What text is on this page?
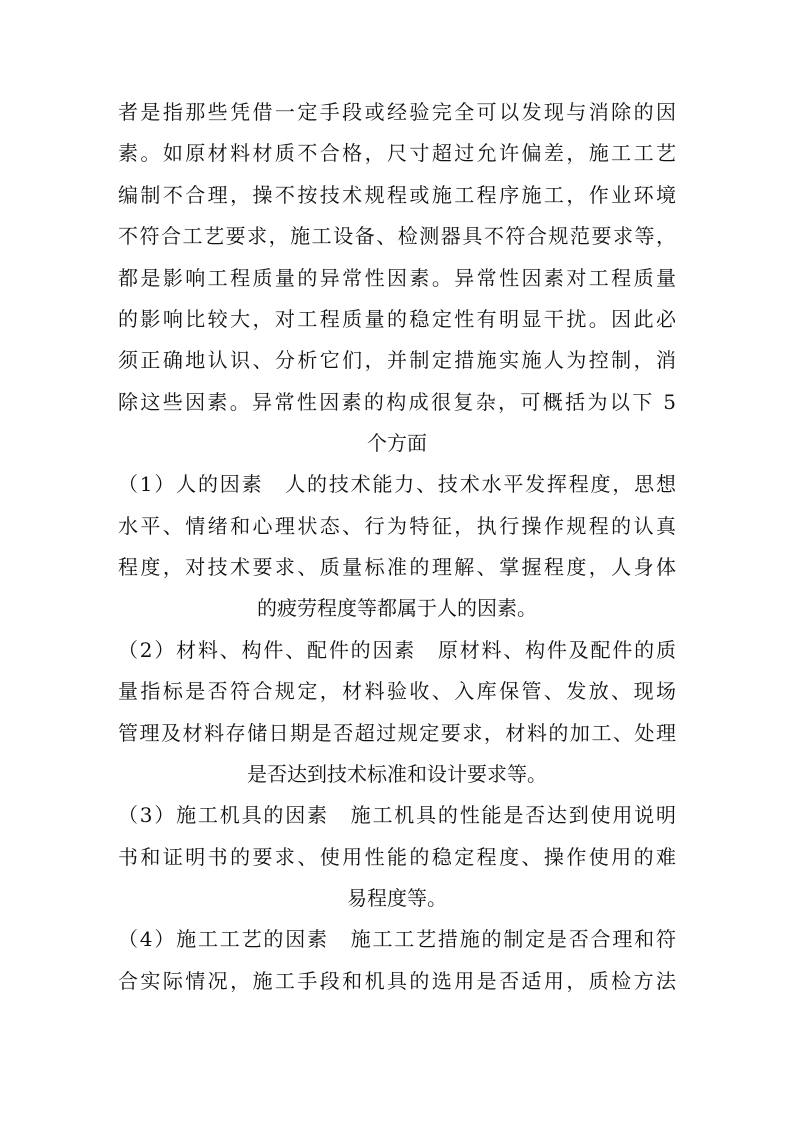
者是指那些凭借一定手段或经验完全可以发现与消除的因
素。如原材料材质不合格，尺寸超过允许偏差，施工工艺
编制不合理，操不按技术规程或施工程序施工，作业环境
不符合工艺要求，施工设备、检测器具不符合规范要求等，
都是影响工程质量的异常性因素。异常性因素对工程质量
的影响比较大，对工程质量的稳定性有明显干扰。因此必
须正确地认识、分析它们，并制定措施实施人为控制，消
除这些因素。异常性因素的构成很复杂，可概括为以下 5
个方面
（1）人的因素　人的技术能力、技术水平发挥程度，思想
水平、情绪和心理状态、行为特征，执行操作规程的认真
程度，对技术要求、质量标准的理解、掌握程度，人身体
的疲劳程度等都属于人的因素。
（2）材料、构件、配件的因素　原材料、构件及配件的质
量指标是否符合规定，材料验收、入库保管、发放、现场
管理及材料存储日期是否超过规定要求，材料的加工、处理
是否达到技术标准和设计要求等。
（3）施工机具的因素　施工机具的性能是否达到使用说明
书和证明书的要求、使用性能的稳定程度、操作使用的难
易程度等。
（4）施工工艺的因素　施工工艺措施的制定是否合理和符
合实际情况，施工手段和机具的选用是否适用，质检方法
